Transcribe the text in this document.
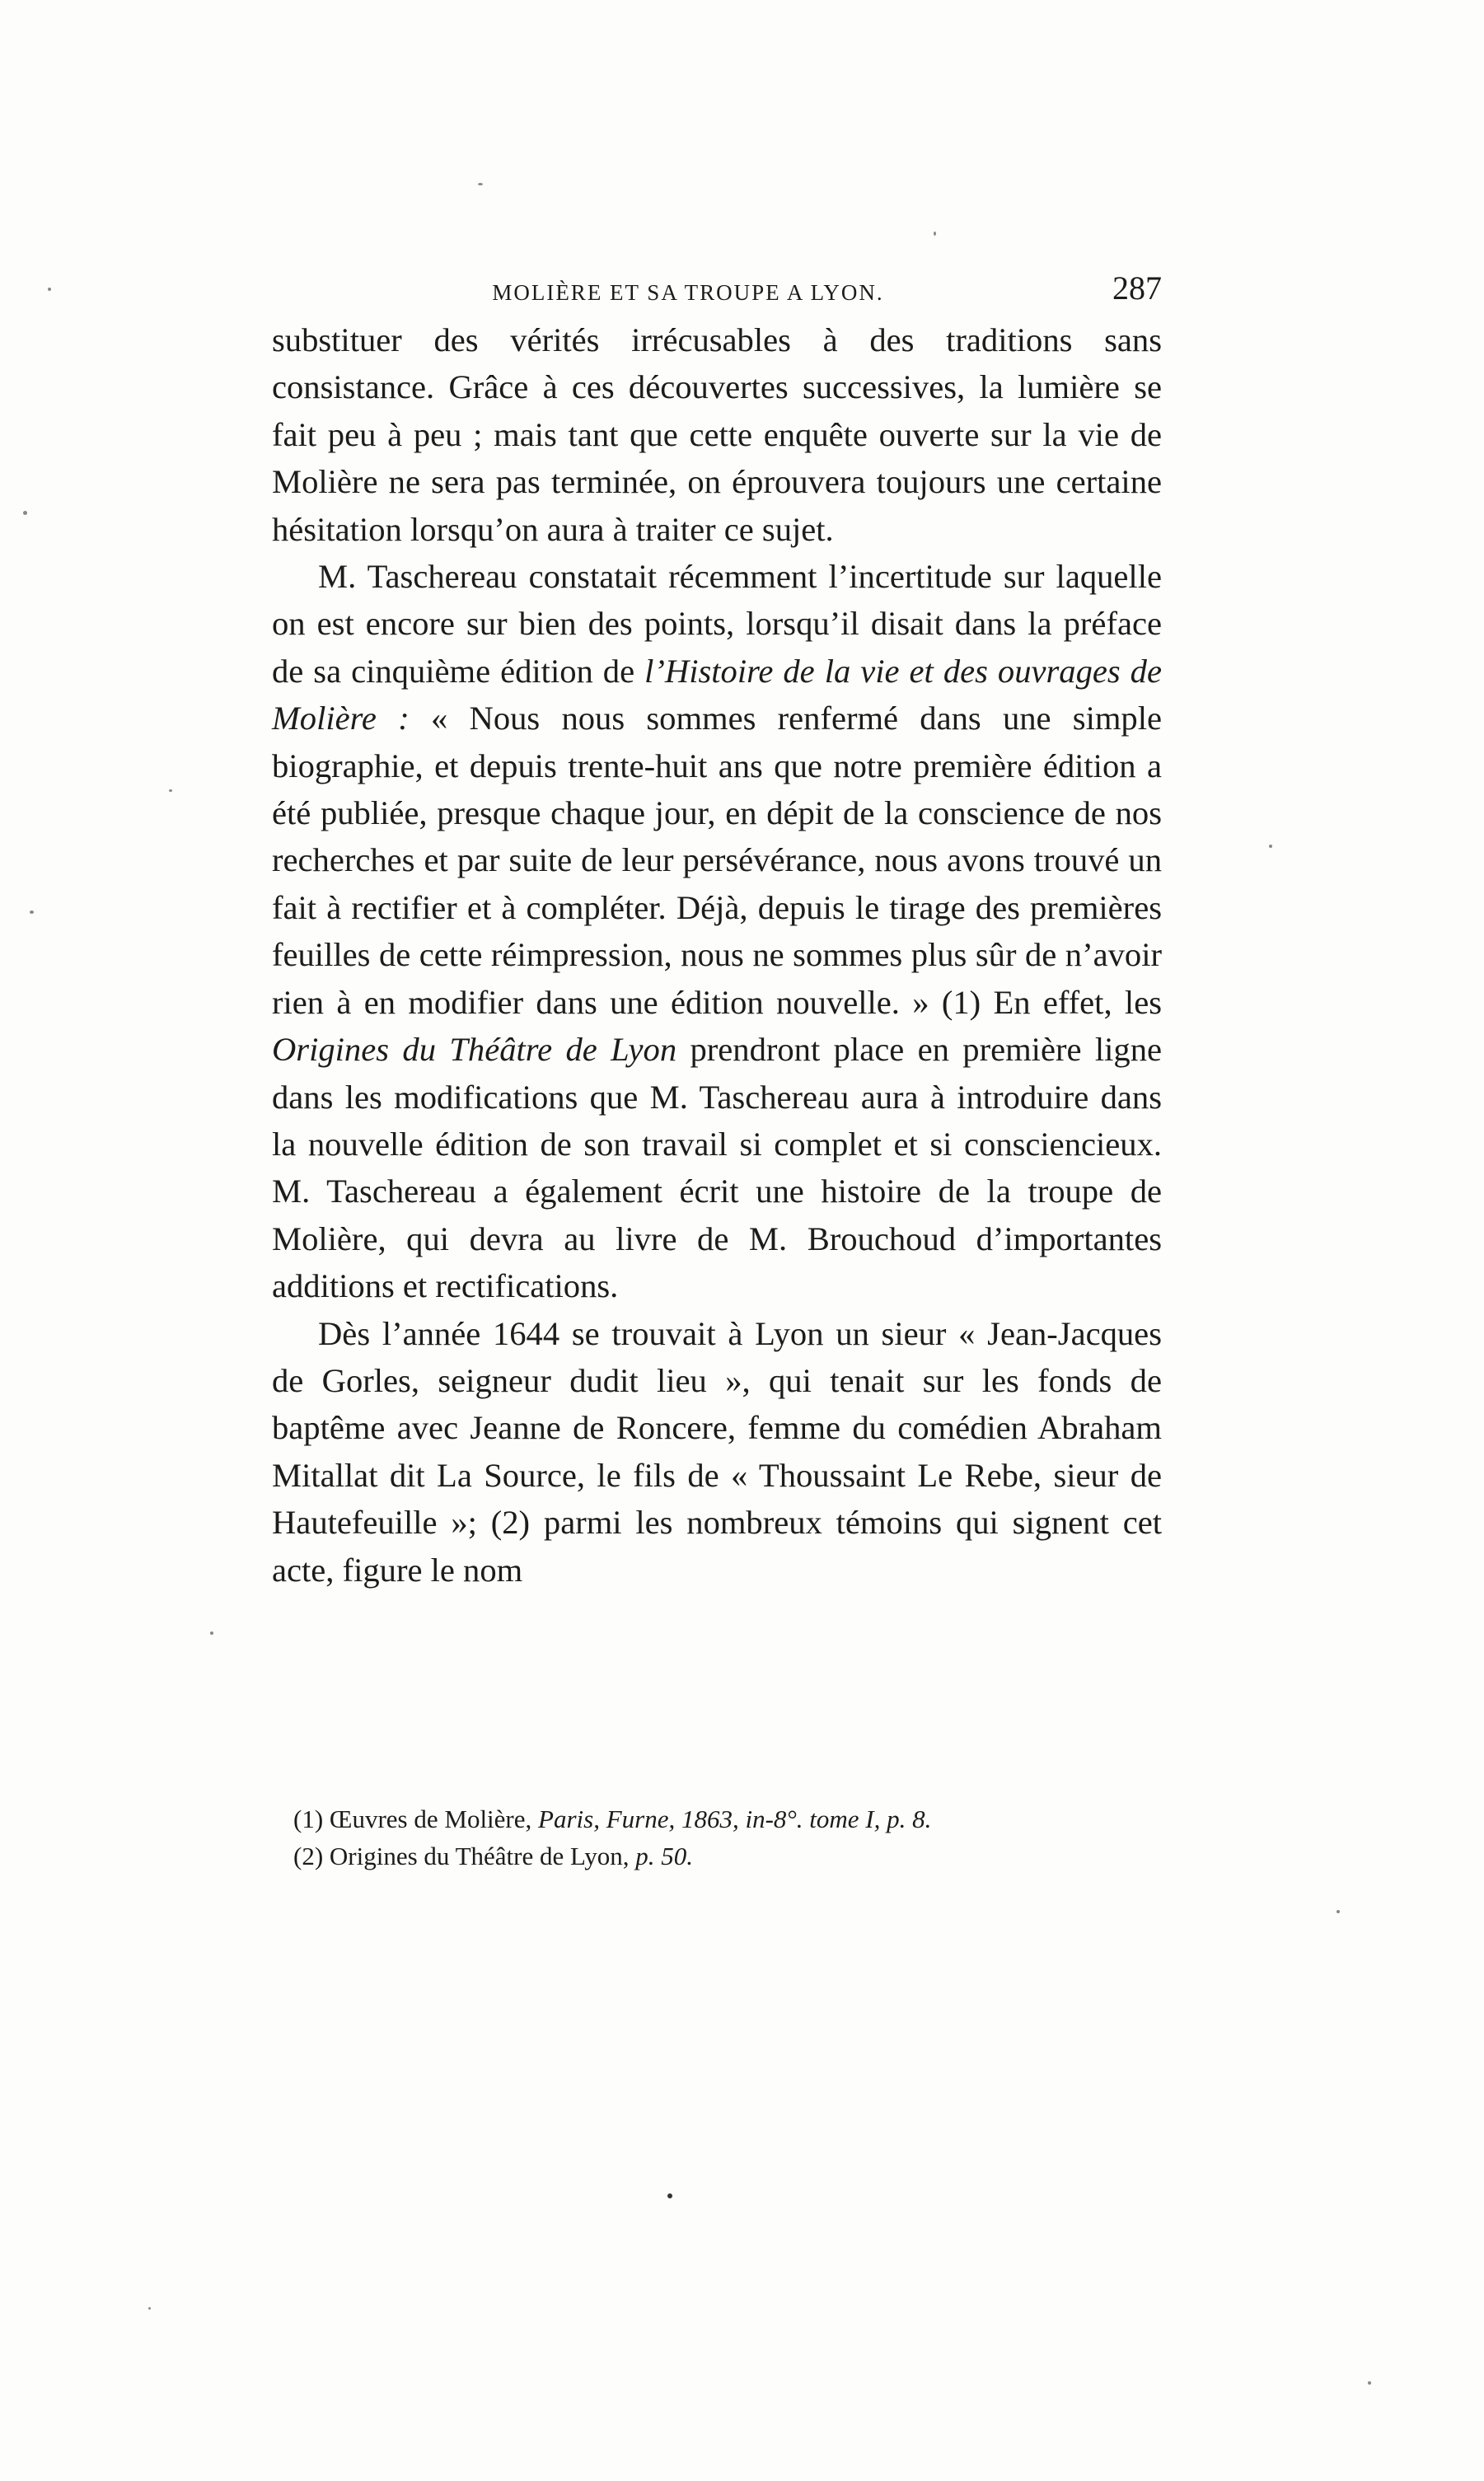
MOLIÈRE ET SA TROUPE A LYON.	287

substituer des vérités irrécusables à des traditions sans consistance. Grâce à ces découvertes successives, la lumière se fait peu à peu ; mais tant que cette enquête ouverte sur la vie de Molière ne sera pas terminée, on éprouvera toujours une certaine hésitation lorsqu’on aura à traiter ce sujet.

M. Taschereau constatait récemment l’incertitude sur laquelle on est encore sur bien des points, lorsqu’il disait dans la préface de sa cinquième édition de l’Histoire de la vie et des ouvrages de Molière : « Nous nous sommes renfermé dans une simple biographie, et depuis trente-huit ans que notre première édition a été publiée, presque chaque jour, en dépit de la conscience de nos recherches et par suite de leur persévérance, nous avons trouvé un fait à rectifier et à compléter. Déjà, depuis le tirage des premières feuilles de cette réimpression, nous ne sommes plus sûr de n’avoir rien à en modifier dans une édition nouvelle. » (1) En effet, les Origines du Théâtre de Lyon prendront place en première ligne dans les modifications que M. Taschereau aura à introduire dans la nouvelle édition de son travail si complet et si consciencieux. M. Taschereau a également écrit une histoire de la troupe de Molière, qui devra au livre de M. Brouchoud d’importantes additions et rectifications.

Dès l’année 1644 se trouvait à Lyon un sieur « Jean-Jacques de Gorles, seigneur dudit lieu », qui tenait sur les fonds de baptême avec Jeanne de Roncere, femme du comédien Abraham Mitallat dit La Source, le fils de « Thoussaint Le Rebe, sieur de Hautefeuille »; (2) parmi les nombreux témoins qui signent cet acte, figure le nom

(1) Œuvres de Molière, Paris, Furne, 1863, in-8°. tome I, p. 8.
(2) Origines du Théâtre de Lyon, p. 50.
